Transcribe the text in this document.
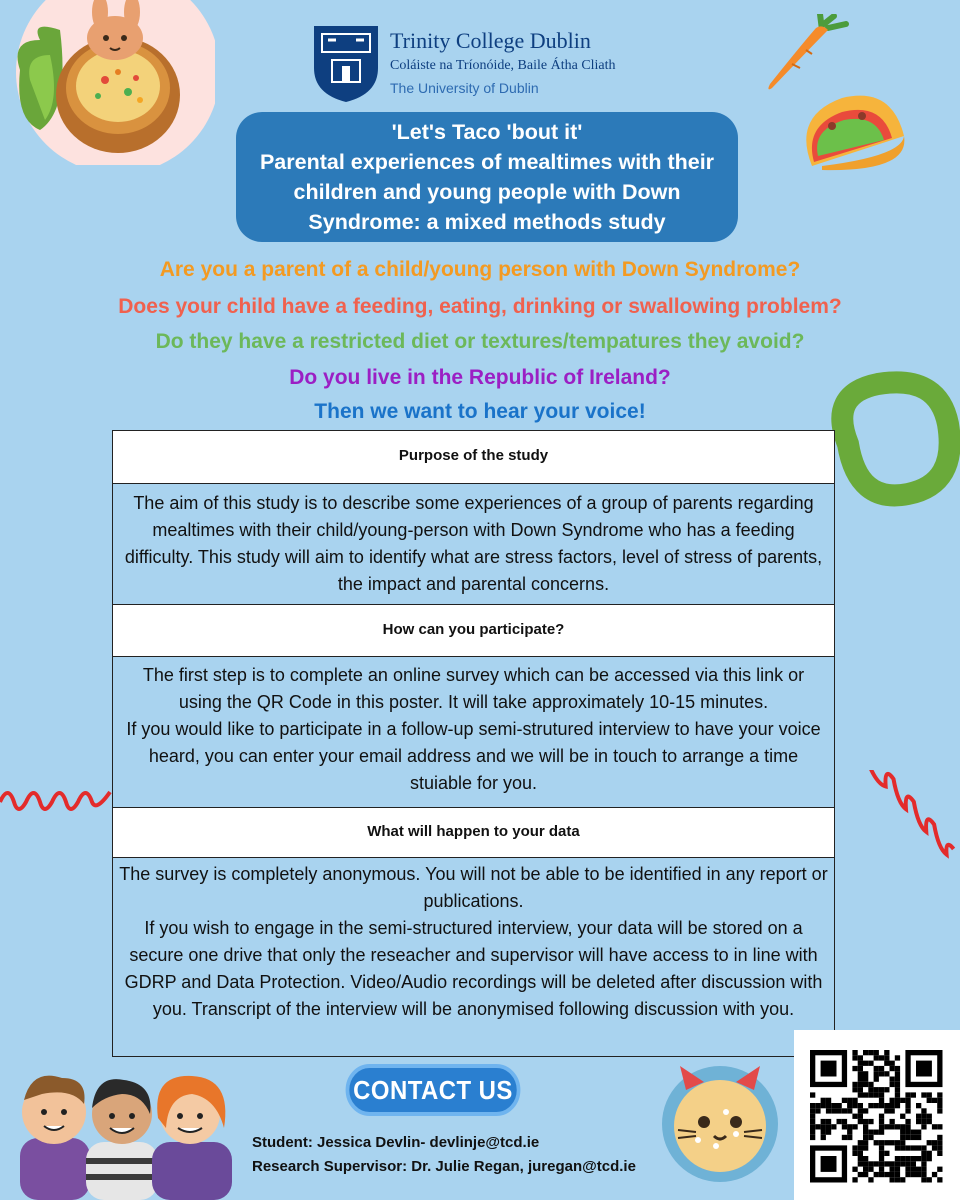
Trinity College Dublin
Coláiste na Tríonóide, Baile Átha Cliath
The University of Dublin
'Let's Taco 'bout it'
Parental experiences of mealtimes with their
children and young people with Down
Syndrome: a mixed methods study
Are you a parent of a child/young person with Down Syndrome?
Does your child have a feeding, eating, drinking or swallowing problem?
Do they have a restricted diet or textures/tempatures they avoid?
Do you live in the Republic of Ireland?
Then we want to hear your voice!
Purpose of the study
The aim of this study is to describe some experiences of a group of parents regarding mealtimes with their child/young-person with Down Syndrome who has a feeding difficulty. This study will aim to identify what are stress factors, level of stress of parents, the impact and parental concerns.
How can you participate?
The first step is to complete an online survey which can be accessed via this link or using the QR Code in this poster. It will take approximately 10-15 minutes.
If you would like to participate in a follow-up semi-strutured interview to have your voice heard, you can enter your email address and we will be in touch to arrange a time stuiable for you.
What will happen to your data
The survey is completely anonymous. You will not be able to be identified in any report or publications.
If you wish to engage in the semi-structured interview, your data will be stored on a secure one drive that only the reseacher and supervisor will have access to in line with GDRP and Data Protection. Video/Audio recordings will be deleted after discussion with you. Transcript of the interview will be anonymised following discussion with you.
CONTACT US
Student: Jessica Devlin- devlinje@tcd.ie
Research Supervisor: Dr. Julie Regan, juregan@tcd.ie
